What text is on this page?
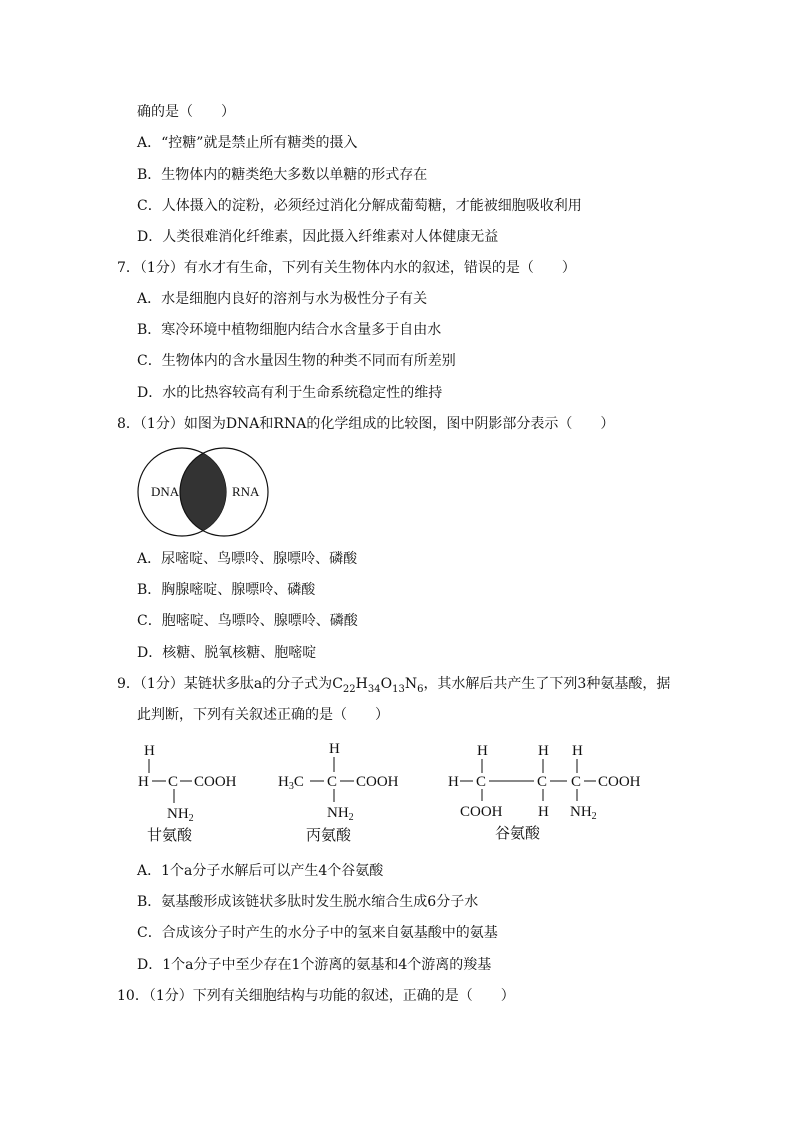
确的是（　　）
A．“控糖”就是禁止所有糖类的摄入
B．生物体内的糖类绝大多数以单糖的形式存在
C．人体摄入的淀粉，必须经过消化分解成葡萄糖，才能被细胞吸收利用
D．人类很难消化纤维素，因此摄入纤维素对人体健康无益
7．（1分）有水才有生命，下列有关生物体内水的叙述，错误的是（　　）
A．水是细胞内良好的溶剂与水为极性分子有关
B．寒冷环境中植物细胞内结合水含量多于自由水
C．生物体内的含水量因生物的种类不同而有所差别
D．水的比热容较高有利于生命系统稳定性的维持
8．（1分）如图为DNA和RNA的化学组成的比较图，图中阴影部分表示（　　）
DNA	RNA
A．尿嘧啶、鸟嘌呤、腺嘌呤、磷酸
B．胸腺嘧啶、腺嘌呤、磷酸
C．胞嘧啶、鸟嘌呤、腺嘌呤、磷酸
D．核糖、脱氧核糖、胞嘧啶
9．（1分）某链状多肽a的分子式为$C_{22}H_{34}O_{13}N_6$，其水解后共产生了下列3种氨基酸，据
此判断，下列有关叙述正确的是（　　）
H
H C COOH
$NH_2$
甘氨酸
H
$H_3C$ C COOH
$NH_2$
丙氨酸
H	H H
H C	C C COOH
COOH H $NH_2$
谷氨酸
A．1个a分子水解后可以产生4个谷氨酸
B．氨基酸形成该链状多肽时发生脱水缩合生成6分子水
C．合成该分子时产生的水分子中的氢来自氨基酸中的氨基
D．1个a分子中至少存在1个游离的氨基和4个游离的羧基
10．（1分）下列有关细胞结构与功能的叙述，正确的是（　　）
